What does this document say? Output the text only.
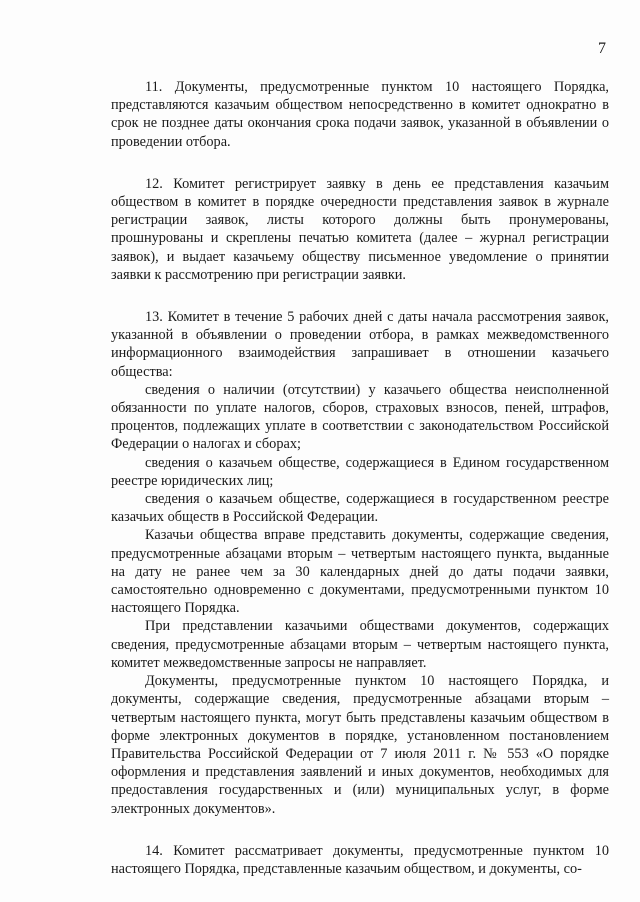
7

11. Документы, предусмотренные пунктом 10 настоящего Порядка, представляются казачьим обществом непосредственно в комитет однократно в срок не позднее даты окончания срока подачи заявок, указанной в объявлении о проведении отбора.

12. Комитет регистрирует заявку в день ее представления казачьим обществом в комитет в порядке очередности представления заявок в журнале регистрации заявок, листы которого должны быть пронумерованы, прошнурованы и скреплены печатью комитета (далее – журнал регистрации заявок), и выдает казачьему обществу письменное уведомление о принятии заявки к рассмотрению при регистрации заявки.

13. Комитет в течение 5 рабочих дней с даты начала рассмотрения заявок, указанной в объявлении о проведении отбора, в рамках межведомственного информационного взаимодействия запрашивает в отношении казачьего общества:

сведения о наличии (отсутствии) у казачьего общества неисполненной обязанности по уплате налогов, сборов, страховых взносов, пеней, штрафов, процентов, подлежащих уплате в соответствии с законодательством Российской Федерации о налогах и сборах;

сведения о казачьем обществе, содержащиеся в Едином государственном реестре юридических лиц;

сведения о казачьем обществе, содержащиеся в государственном реестре казачьих обществ в Российской Федерации.

Казачьи общества вправе представить документы, содержащие сведения, предусмотренные абзацами вторым – четвертым настоящего пункта, выданные на дату не ранее чем за 30 календарных дней до даты подачи заявки, самостоятельно одновременно с документами, предусмотренными пунктом 10 настоящего Порядка.

При представлении казачьими обществами документов, содержащих сведения, предусмотренные абзацами вторым – четвертым настоящего пункта, комитет межведомственные запросы не направляет.

Документы, предусмотренные пунктом 10 настоящего Порядка, и документы, содержащие сведения, предусмотренные абзацами вторым – четвертым настоящего пункта, могут быть представлены казачьим обществом в форме электронных документов в порядке, установленном постановлением Правительства Российской Федерации от 7 июля 2011 г. № 553 «О порядке оформления и представления заявлений и иных документов, необходимых для предоставления государственных и (или) муниципальных услуг, в форме электронных документов».

14. Комитет рассматривает документы, предусмотренные пунктом 10 настоящего Порядка, представленные казачьим обществом, и документы, со-
